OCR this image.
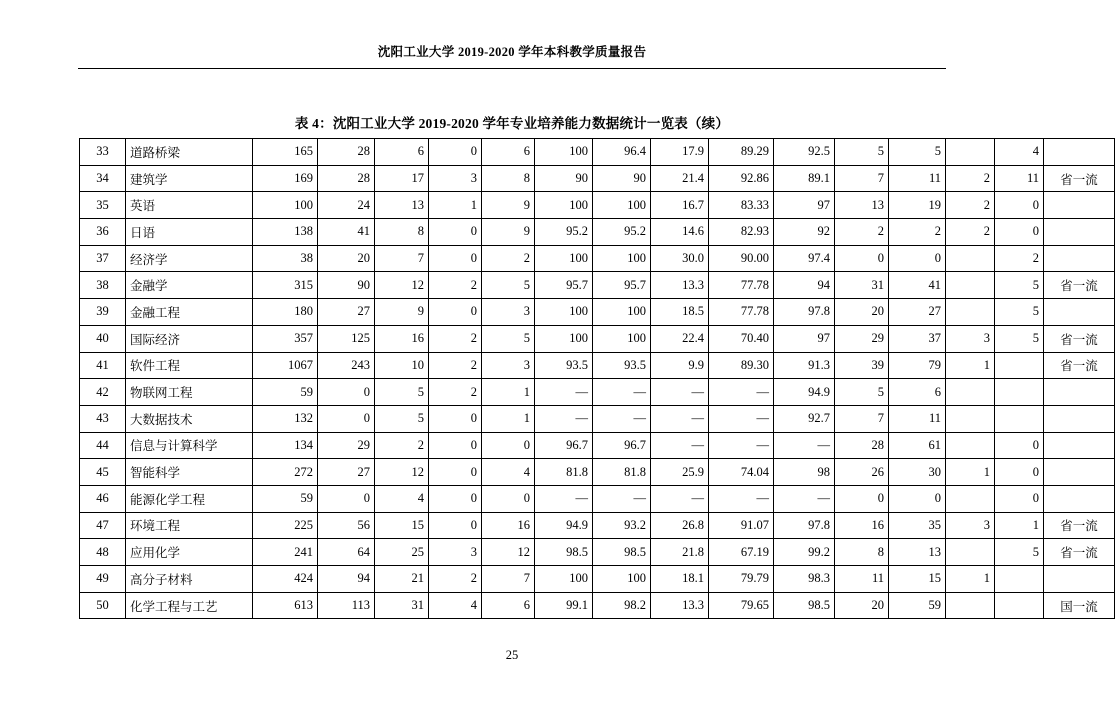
沈阳工业大学 2019-2020 学年本科教学质量报告
表 4：沈阳工业大学 2019-2020 学年专业培养能力数据统计一览表（续）
33	道路桥梁	165	28	6	0	6	100	96.4	17.9	89.29	92.5	5	5		4	
34	建筑学	169	28	17	3	8	90	90	21.4	92.86	89.1	7	11	2	11	省一流
35	英语	100	24	13	1	9	100	100	16.7	83.33	97	13	19	2	0	
36	日语	138	41	8	0	9	95.2	95.2	14.6	82.93	92	2	2	2	0	
37	经济学	38	20	7	0	2	100	100	30.0	90.00	97.4	0	0		2	
38	金融学	315	90	12	2	5	95.7	95.7	13.3	77.78	94	31	41		5	省一流
39	金融工程	180	27	9	0	3	100	100	18.5	77.78	97.8	20	27		5	
40	国际经济	357	125	16	2	5	100	100	22.4	70.40	97	29	37	3	5	省一流
41	软件工程	1067	243	10	2	3	93.5	93.5	9.9	89.30	91.3	39	79	1		省一流
42	物联网工程	59	0	5	2	1	—	—	—	—	94.9	5	6			
43	大数据技术	132	0	5	0	1	—	—	—	—	92.7	7	11			
44	信息与计算科学	134	29	2	0	0	96.7	96.7	—	—	—	28	61		0	
45	智能科学	272	27	12	0	4	81.8	81.8	25.9	74.04	98	26	30	1	0	
46	能源化学工程	59	0	4	0	0	—	—	—	—	—	0	0		0	
47	环境工程	225	56	15	0	16	94.9	93.2	26.8	91.07	97.8	16	35	3	1	省一流
48	应用化学	241	64	25	3	12	98.5	98.5	21.8	67.19	99.2	8	13		5	省一流
49	高分子材料	424	94	21	2	7	100	100	18.1	79.79	98.3	11	15	1		
50	化学工程与工艺	613	113	31	4	6	99.1	98.2	13.3	79.65	98.5	20	59			国一流
25
